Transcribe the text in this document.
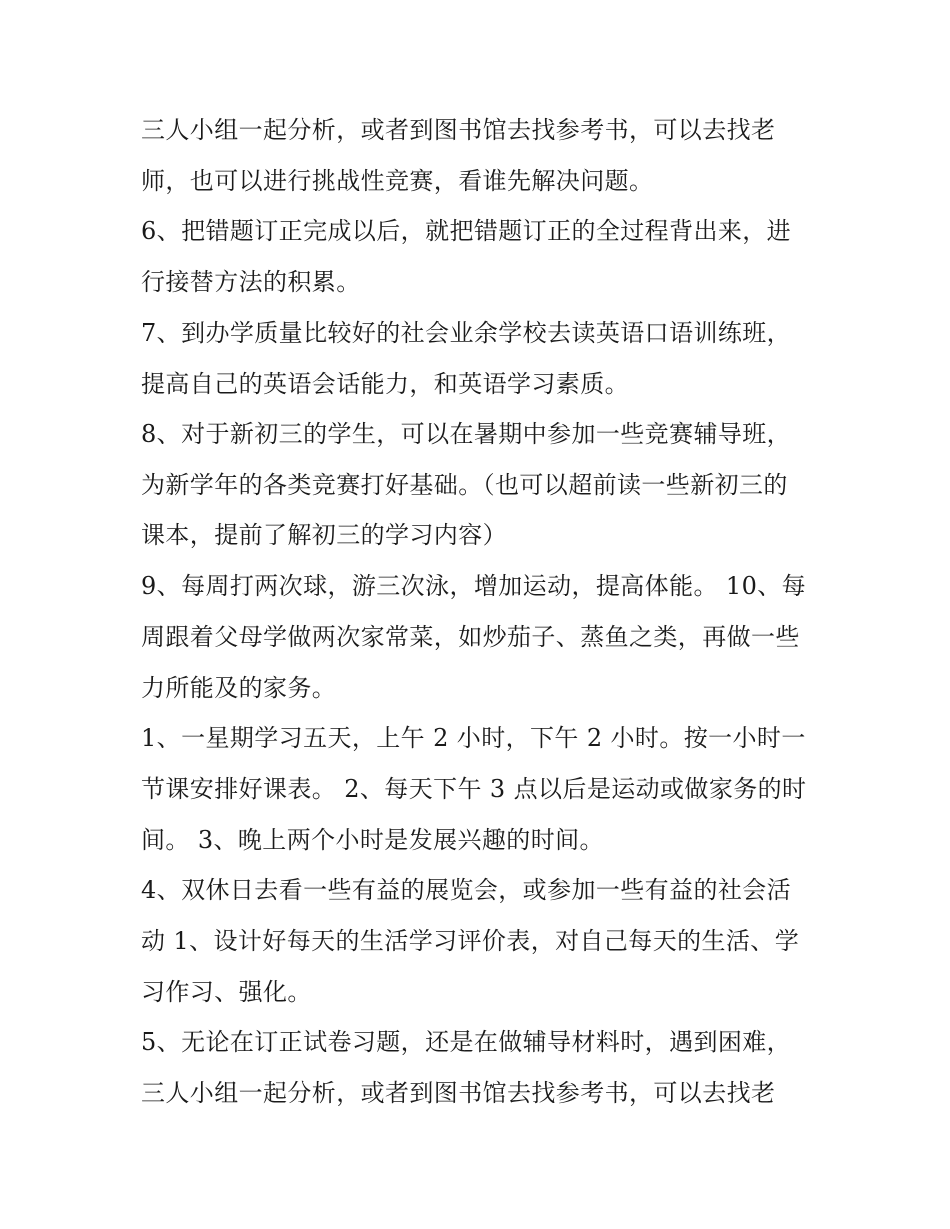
三人小组一起分析，或者到图书馆去找参考书，可以去找老
师，也可以进行挑战性竞赛，看谁先解决问题。
6、把错题订正完成以后，就把错题订正的全过程背出来，进
行接替方法的积累。
7、到办学质量比较好的社会业余学校去读英语口语训练班，
提高自己的英语会话能力，和英语学习素质。
8、对于新初三的学生，可以在暑期中参加一些竞赛辅导班，
为新学年的各类竞赛打好基础。（也可以超前读一些新初三的
课本，提前了解初三的学习内容）
9、每周打两次球，游三次泳，增加运动，提高体能。 10、每
周跟着父母学做两次家常菜，如炒茄子、蒸鱼之类，再做一些
力所能及的家务。
1、一星期学习五天，上午 2 小时，下午 2 小时。按一小时一
节课安排好课表。 2、每天下午 3 点以后是运动或做家务的时
间。 3、晚上两个小时是发展兴趣的时间。
4、双休日去看一些有益的展览会，或参加一些有益的社会活
动 1、设计好每天的生活学习评价表，对自己每天的生活、学
习作习、强化。
5、无论在订正试卷习题，还是在做辅导材料时，遇到困难，
三人小组一起分析，或者到图书馆去找参考书，可以去找老
